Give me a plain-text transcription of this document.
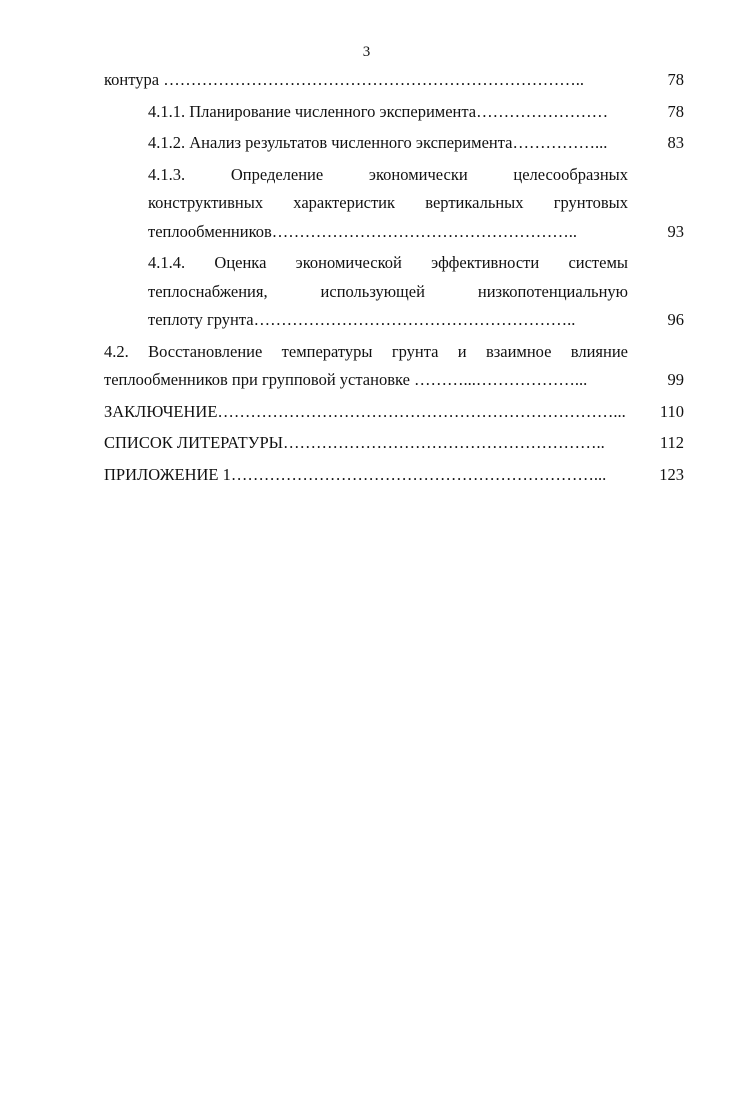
3
контура …………………………………………………………………..	78
4.1.1. Планирование численного эксперимента……………………	78
4.1.2. Анализ результатов численного эксперимента……………...	83
4.1.3. Определение экономически целесообразных
конструктивных характеристик вертикальных грунтовых
теплообменников………………………………………………..	93
4.1.4. Оценка экономической эффективности системы
теплоснабжения, использующей низкопотенциальную
теплоту грунта…………………………………………………..	96
4.2. Восстановление температуры грунта и взаимное влияние
теплообменников при групповой установке ………...………………...	99
ЗАКЛЮЧЕНИЕ………………………………………………………………...	110
СПИСОК ЛИТЕРАТУРЫ…………………………………………………..	112
ПРИЛОЖЕНИЕ 1…………………………………………………………...	123
